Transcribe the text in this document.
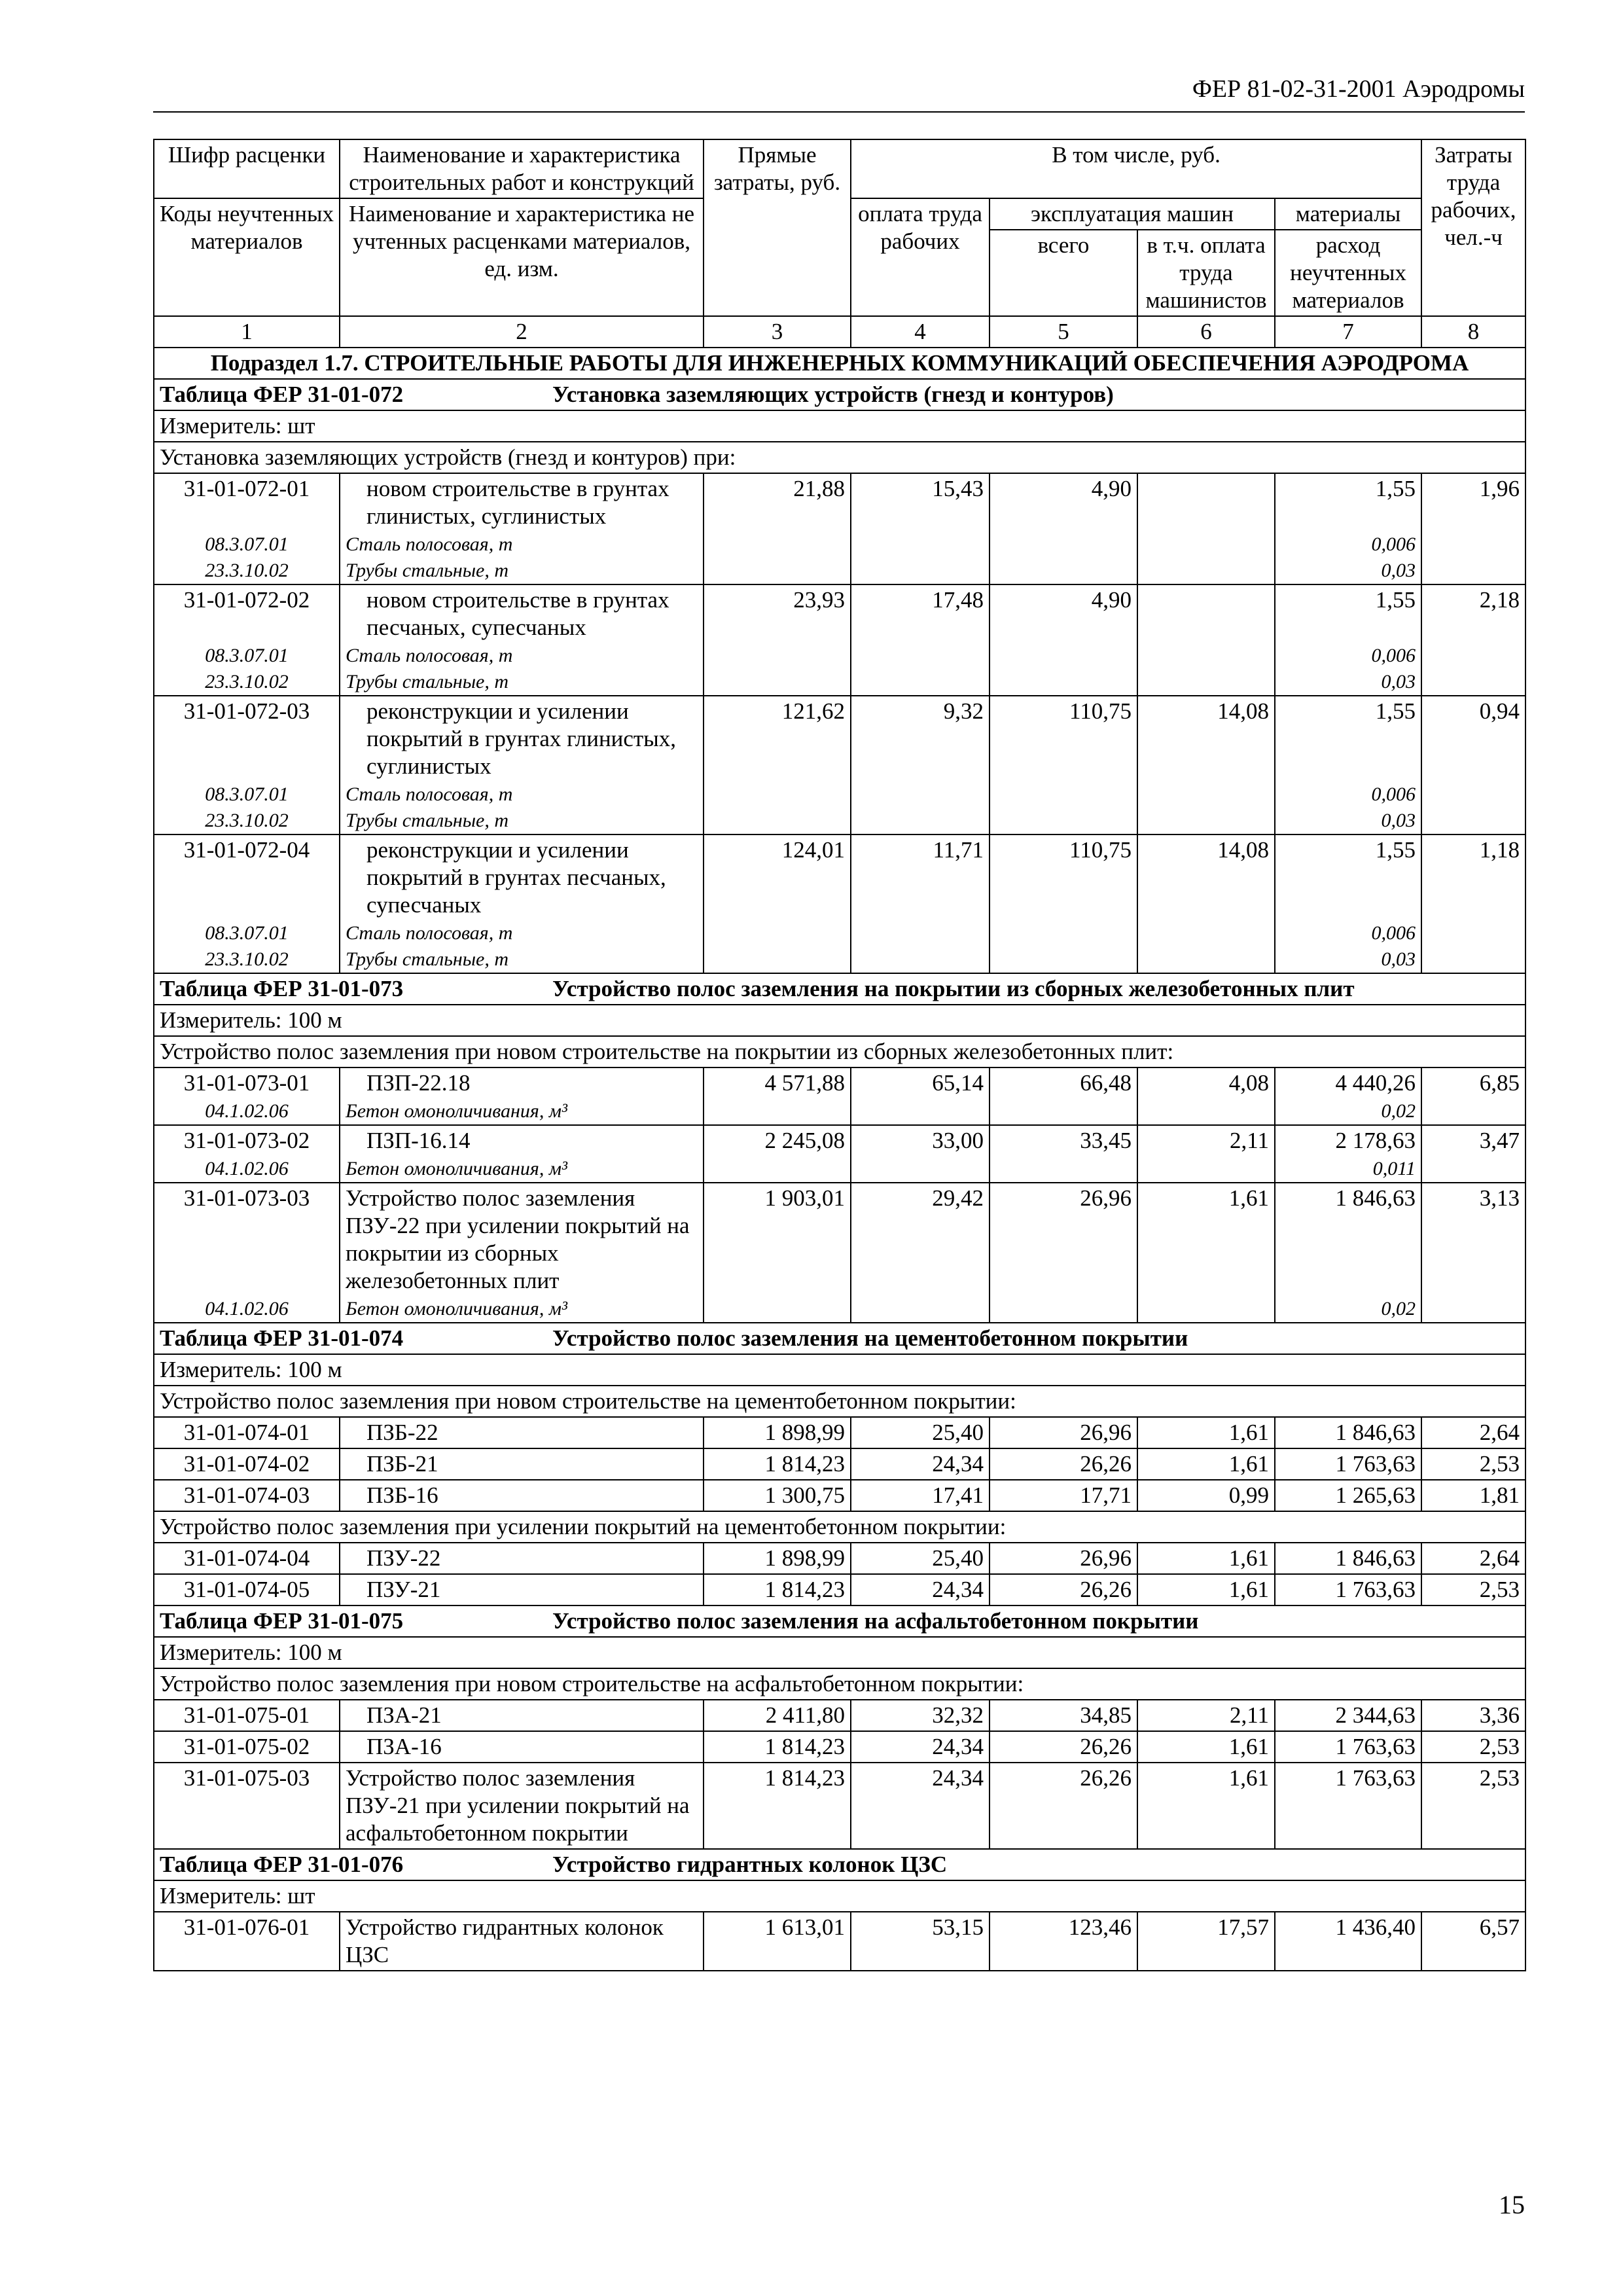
ФЕР 81-02-31-2001 Аэродромы
Шифр расценки	Наименование и характеристика строительных работ и конструкций	Прямые затраты, руб.	В том числе, руб.				Затраты труда рабочих, чел.-ч
Коды неучтенных материалов	Наименование и характеристика не учтенных расценками материалов, ед. изм.		оплата труда рабочих	эксплуатация машин		материалы	
				всего	в т.ч. оплата труда машинистов	расход неучтенных материалов	
1	2	3	4	5	6	7	8
Подраздел 1.7. СТРОИТЕЛЬНЫЕ РАБОТЫ ДЛЯ ИНЖЕНЕРНЫХ КОММУНИКАЦИЙ ОБЕСПЕЧЕНИЯ АЭРОДРОМА							
Таблица ФЕР 31-01-072 Установка заземляющих устройств (гнезд и контуров)							
Измеритель: шт							
Установка заземляющих устройств (гнезд и контуров) при:							
31-01-072-01	новом строительстве в грунтах глинистых, суглинистых	21,88	15,43	4,90		1,55	1,96
08.3.07.01	Сталь полосовая, т					0,006	
23.3.10.02	Трубы стальные, т					0,03	
31-01-072-02	новом строительстве в грунтах песчаных, супесчаных	23,93	17,48	4,90		1,55	2,18
08.3.07.01	Сталь полосовая, т					0,006	
23.3.10.02	Трубы стальные, т					0,03	
31-01-072-03	реконструкции и усилении покрытий в грунтах глинистых, суглинистых	121,62	9,32	110,75	14,08	1,55	0,94
08.3.07.01	Сталь полосовая, т					0,006	
23.3.10.02	Трубы стальные, т					0,03	
31-01-072-04	реконструкции и усилении покрытий в грунтах песчаных, супесчаных	124,01	11,71	110,75	14,08	1,55	1,18
08.3.07.01	Сталь полосовая, т					0,006	
23.3.10.02	Трубы стальные, т					0,03	
Таблица ФЕР 31-01-073 Устройство полос заземления на покрытии из сборных железобетонных плит							
Измеритель: 100 м							
Устройство полос заземления при новом строительстве на покрытии из сборных железобетонных плит:							
31-01-073-01	ПЗП-22.18	4 571,88	65,14	66,48	4,08	4 440,26	6,85
04.1.02.06	Бетон омоноличивания, м³					0,02	
31-01-073-02	ПЗП-16.14	2 245,08	33,00	33,45	2,11	2 178,63	3,47
04.1.02.06	Бетон омоноличивания, м³					0,011	
31-01-073-03	Устройство полос заземления ПЗУ-22 при усилении покрытий на покрытии из сборных железобетонных плит	1 903,01	29,42	26,96	1,61	1 846,63	3,13
04.1.02.06	Бетон омоноличивания, м³					0,02	
Таблица ФЕР 31-01-074 Устройство полос заземления на цементобетонном покрытии							
Измеритель: 100 м							
Устройство полос заземления при новом строительстве на цементобетонном покрытии:							
31-01-074-01	ПЗБ-22	1 898,99	25,40	26,96	1,61	1 846,63	2,64
31-01-074-02	ПЗБ-21	1 814,23	24,34	26,26	1,61	1 763,63	2,53
31-01-074-03	ПЗБ-16	1 300,75	17,41	17,71	0,99	1 265,63	1,81
Устройство полос заземления при усилении покрытий на цементобетонном покрытии:							
31-01-074-04	ПЗУ-22	1 898,99	25,40	26,96	1,61	1 846,63	2,64
31-01-074-05	ПЗУ-21	1 814,23	24,34	26,26	1,61	1 763,63	2,53
Таблица ФЕР 31-01-075 Устройство полос заземления на асфальтобетонном покрытии							
Измеритель: 100 м							
Устройство полос заземления при новом строительстве на асфальтобетонном покрытии:							
31-01-075-01	ПЗА-21	2 411,80	32,32	34,85	2,11	2 344,63	3,36
31-01-075-02	ПЗА-16	1 814,23	24,34	26,26	1,61	1 763,63	2,53
31-01-075-03	Устройство полос заземления ПЗУ-21 при усилении покрытий на асфальтобетонном покрытии	1 814,23	24,34	26,26	1,61	1 763,63	2,53
Таблица ФЕР 31-01-076 Устройство гидрантных колонок ЦЗС							
Измеритель: шт							
31-01-076-01	Устройство гидрантных колонок ЦЗС	1 613,01	53,15	123,46	17,57	1 436,40	6,57
15
